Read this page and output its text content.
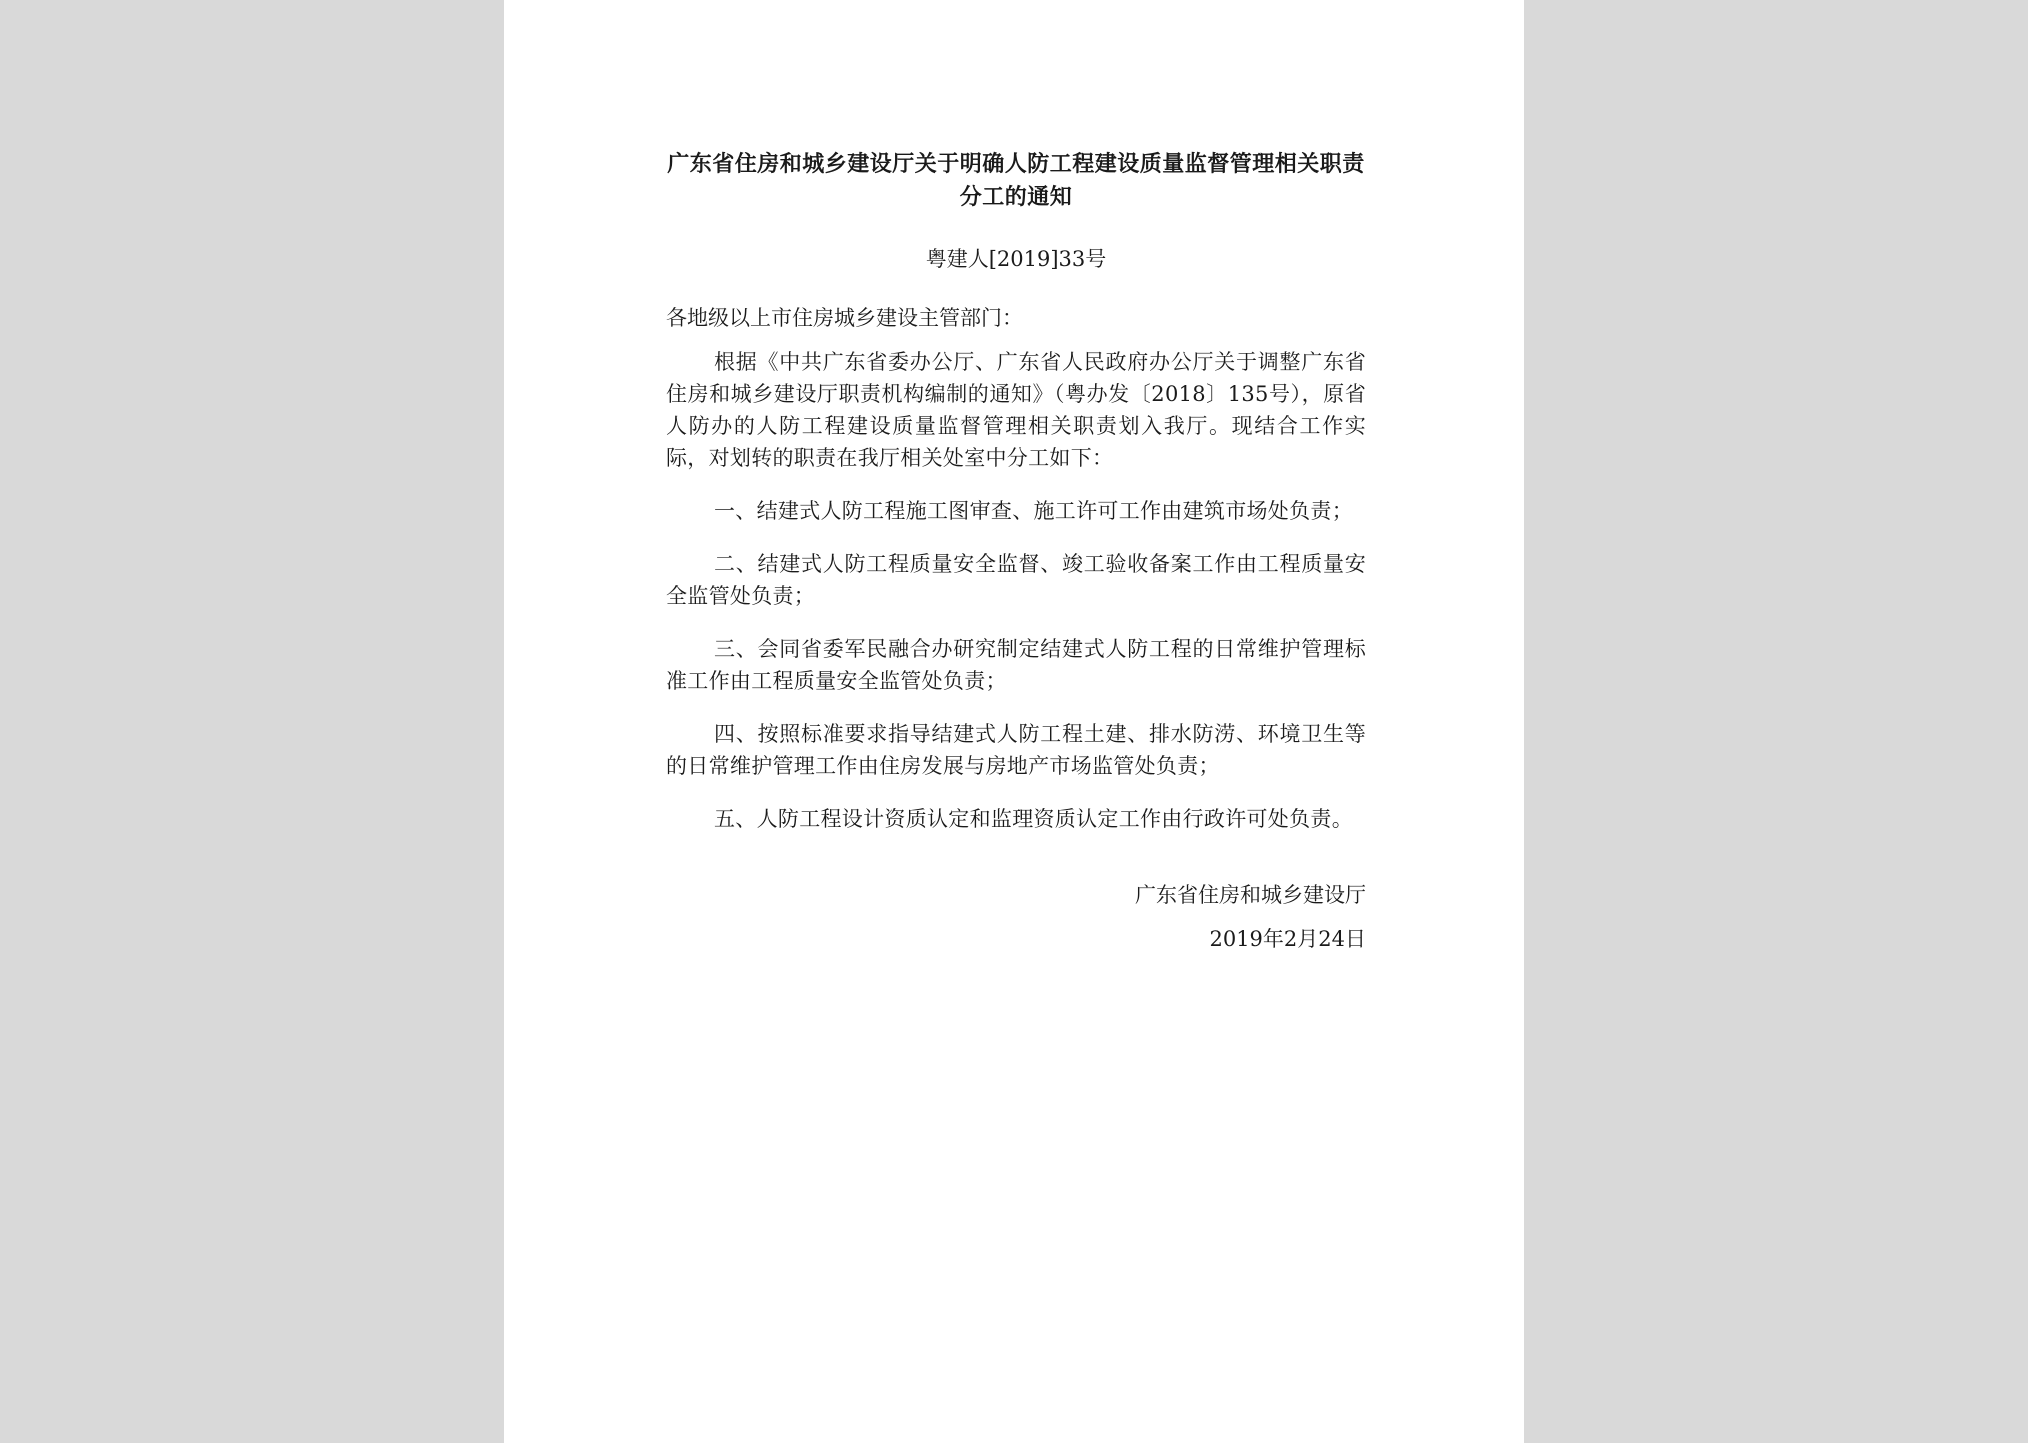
广东省住房和城乡建设厅关于明确人防工程建设质量监督管理相关职责分工的通知
粤建人[2019]33号
各地级以上市住房城乡建设主管部门：

根据《中共广东省委办公厅、广东省人民政府办公厅关于调整广东省住房和城乡建设厅职责机构编制的通知》（粤办发〔2018〕135号），原省人防办的人防工程建设质量监督管理相关职责划入我厅。现结合工作实际，对划转的职责在我厅相关处室中分工如下：

一、结建式人防工程施工图审查、施工许可工作由建筑市场处负责；

二、结建式人防工程质量安全监督、竣工验收备案工作由工程质量安全监管处负责；

三、会同省委军民融合办研究制定结建式人防工程的日常维护管理标准工作由工程质量安全监管处负责；

四、按照标准要求指导结建式人防工程土建、排水防涝、环境卫生等的日常维护管理工作由住房发展与房地产市场监管处负责；

五、人防工程设计资质认定和监理资质认定工作由行政许可处负责。

广东省住房和城乡建设厅
2019年2月24日
